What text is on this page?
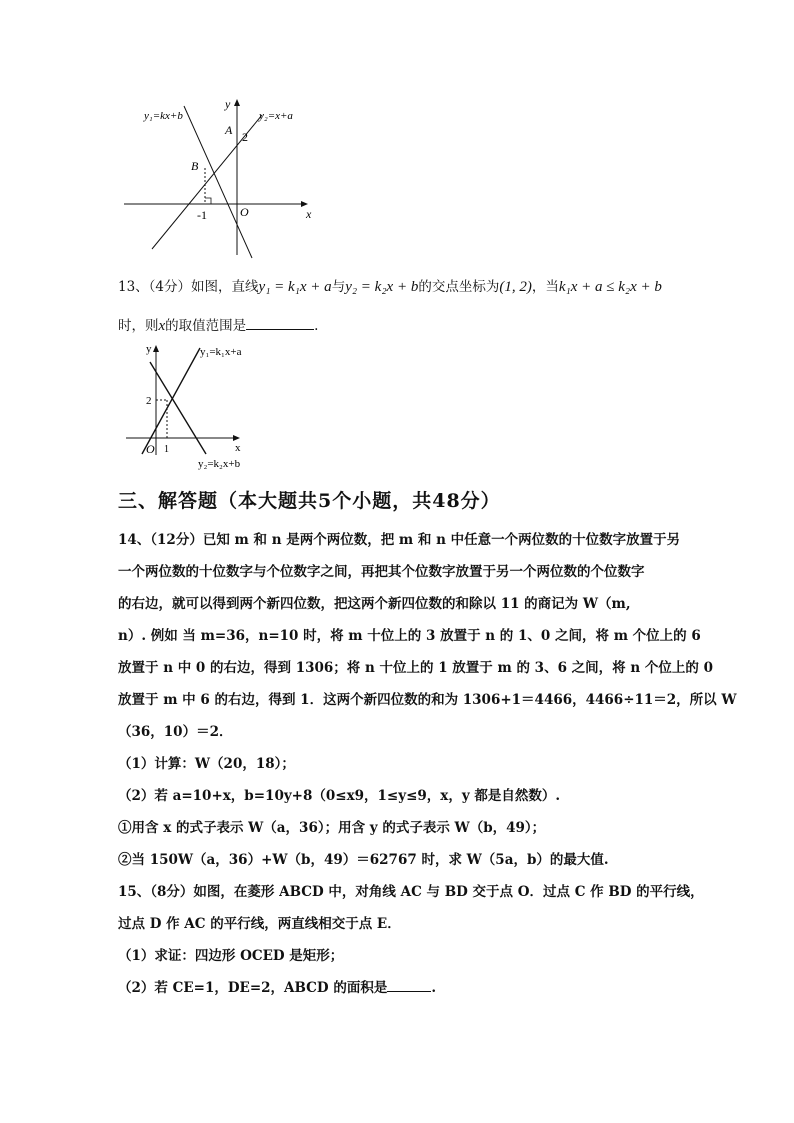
y₁=kx+b	y₂=x+a
y
x
A 2
B
O
-1
13、（4分）如图，直线y₁ = k₁x + a与y₂ = k₂x + b的交点坐标为(1, 2)，当k₁x + a ≤ k₂x + b
时，则x的取值范围是	.
y₁=k₁x+a
y₂=k₂x+b
y
x
2
O 1
三、解答题（本大题共5个小题，共48分）
14、（12分）已知 m 和 n 是两个两位数，把 m 和 n 中任意一个两位数的十位数字放置于另
一个两位数的十位数字与个位数字之间，再把其个位数字放置于另一个两位数的个位数字
的右边，就可以得到两个新四位数，把这两个新四位数的和除以 11 的商记为 W（m,
n）. 例如 当 m=36，n=10 时，将 m 十位上的 3 放置于 n 的 1、0 之间，将 m 个位上的 6
放置于 n 中 0 的右边，得到 1306；将 n 十位上的 1 放置于 m 的 3、6 之间，将 n 个位上的 0
放置于 m 中 6 的右边，得到 1．这两个新四位数的和为 1306+1＝4466，4466÷11＝2，所以 W
（36，10）＝2．
（1）计算：W（20，18）；
（2）若 a=10+x，b=10y+8（0≤x9，1≤y≤9，x，y 都是自然数）.
①用含 x 的式子表示 W（a，36）；用含 y 的式子表示 W（b，49）；
②当 150W（a，36）+W（b，49）＝62767 时，求 W（5a，b）的最大值.
15、（8分）如图，在菱形 ABCD 中，对角线 AC 与 BD 交于点 O．过点 C 作 BD 的平行线，
过点 D 作 AC 的平行线，两直线相交于点 E．
（1）求证：四边形 OCED 是矩形；
（2）若 CE=1，DE=2，ABCD 的面积是	.
